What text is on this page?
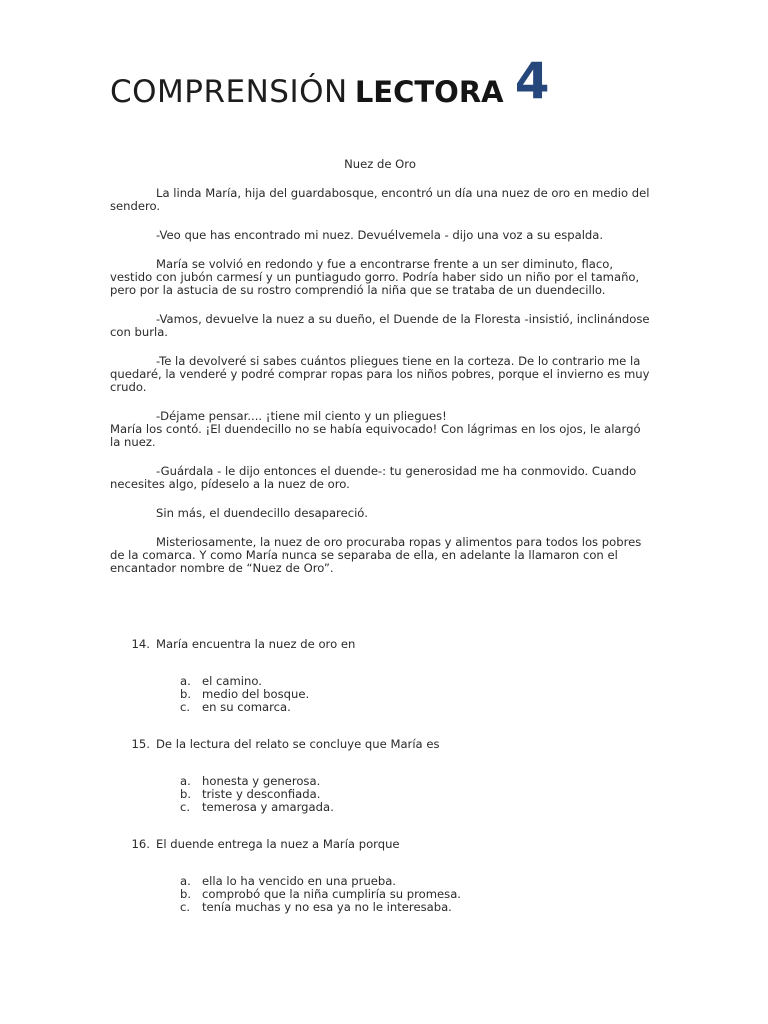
COMPRENSIÓN LECTORA 4
Nuez de Oro

La linda María, hija del guardabosque, encontró un día una nuez de oro en medio del sendero.

-Veo que has encontrado mi nuez. Devuélvemela - dijo una voz a su espalda.

María se volvió en redondo y fue a encontrarse frente a un ser diminuto, flaco, vestido con jubón carmesí y un puntiagudo gorro. Podría haber sido un niño por el tamaño, pero por la astucia de su rostro comprendió la niña que se trataba de un duendecillo.

-Vamos, devuelve la nuez a su dueño, el Duende de la Floresta -insistió, inclinándose con burla.

-Te la devolveré si sabes cuántos pliegues tiene en la corteza. De lo contrario me la quedaré, la venderé y podré comprar ropas para los niños pobres, porque el invierno es muy crudo.

-Déjame pensar.... ¡tiene mil ciento y un pliegues!
María los contó. ¡El duendecillo no se había equivocado! Con lágrimas en los ojos, le alargó la nuez.

-Guárdala - le dijo entonces el duende-: tu generosidad me ha conmovido. Cuando necesites algo, pídeselo a la nuez de oro.

Sin más, el duendecillo desapareció.

Misteriosamente, la nuez de oro procuraba ropas y alimentos para todos los pobres de la comarca. Y como María nunca se separaba de ella, en adelante la llamaron con el encantador nombre de “Nuez de Oro”.

14. María encuentra la nuez de oro en
a. el camino.
b. medio del bosque.
c.	en su comarca.
15. De la lectura del relato se concluye que María es
a. honesta y generosa.
b. triste y desconfiada.
c.	temerosa y amargada.
16. El duende entrega la nuez a María porque
a. ella lo ha vencido en una prueba.
b. comprobó que la niña cumpliría su promesa.
c.	tenía muchas y no esa ya no le interesaba.
